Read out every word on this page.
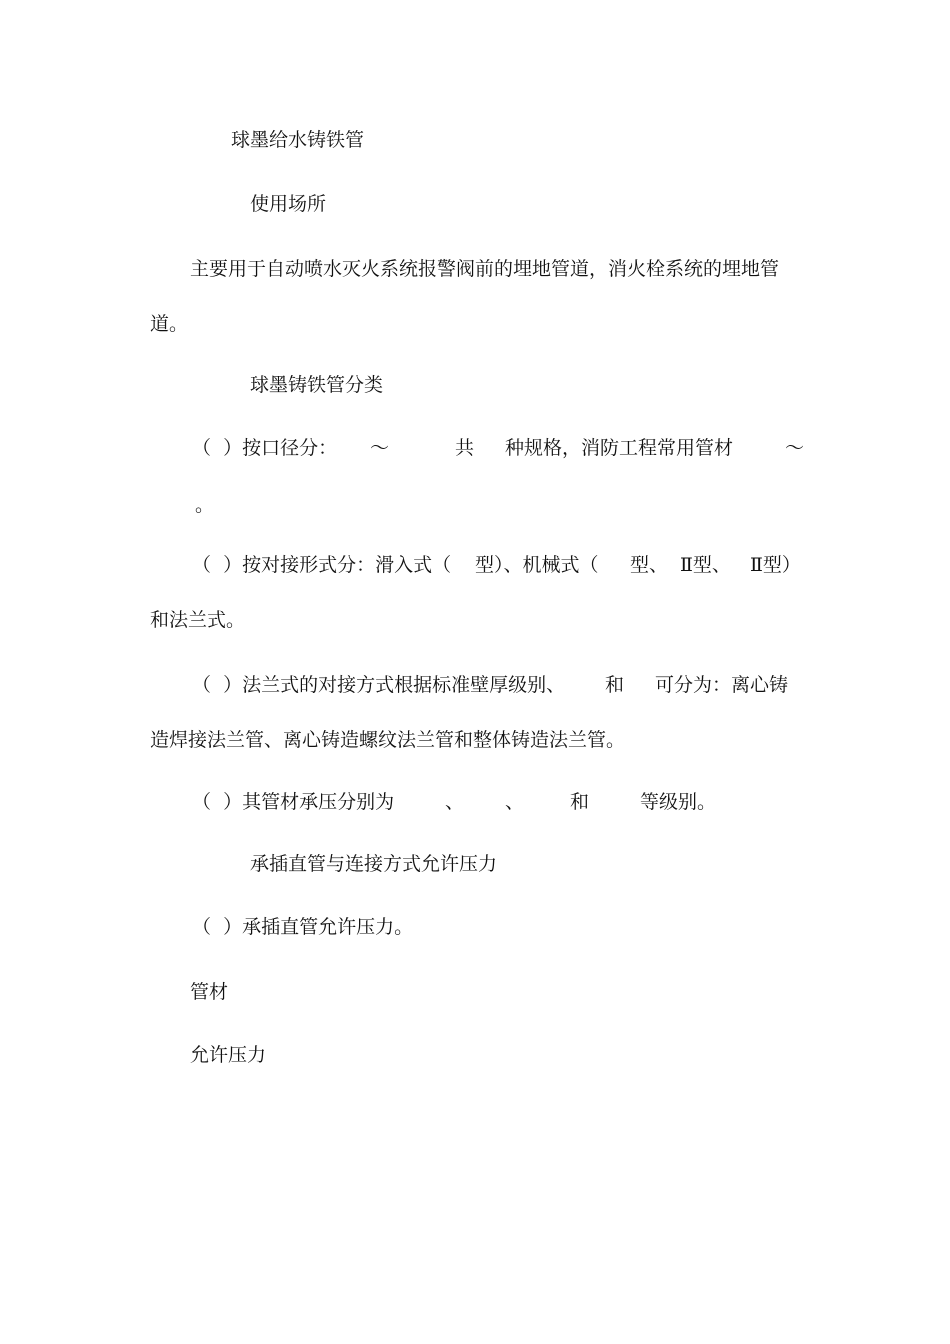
球墨给水铸铁管
使用场所
主要用于自动喷水灭火系统报警阀前的埋地管道，消火栓系统的埋地管
道。
球墨铸铁管分类

（  ）按口径分：

～

	共

种规格，消防工程常用管材

	～

。

（  ）按对接形式分：滑入式（

型）、机械式（

型、

Ⅱ型、

Ⅱ型）

和法兰式。

（  ）法兰式的对接方式根据标准壁厚级别、

和

可分为：离心铸

造焊接法兰管、离心铸造螺纹法兰管和整体铸造法兰管。

（  ）其管材承压分别为

	、

、

和

	等级别。

承插直管与连接方式允许压力
（  ）承插直管允许压力。
管材
允许压力
